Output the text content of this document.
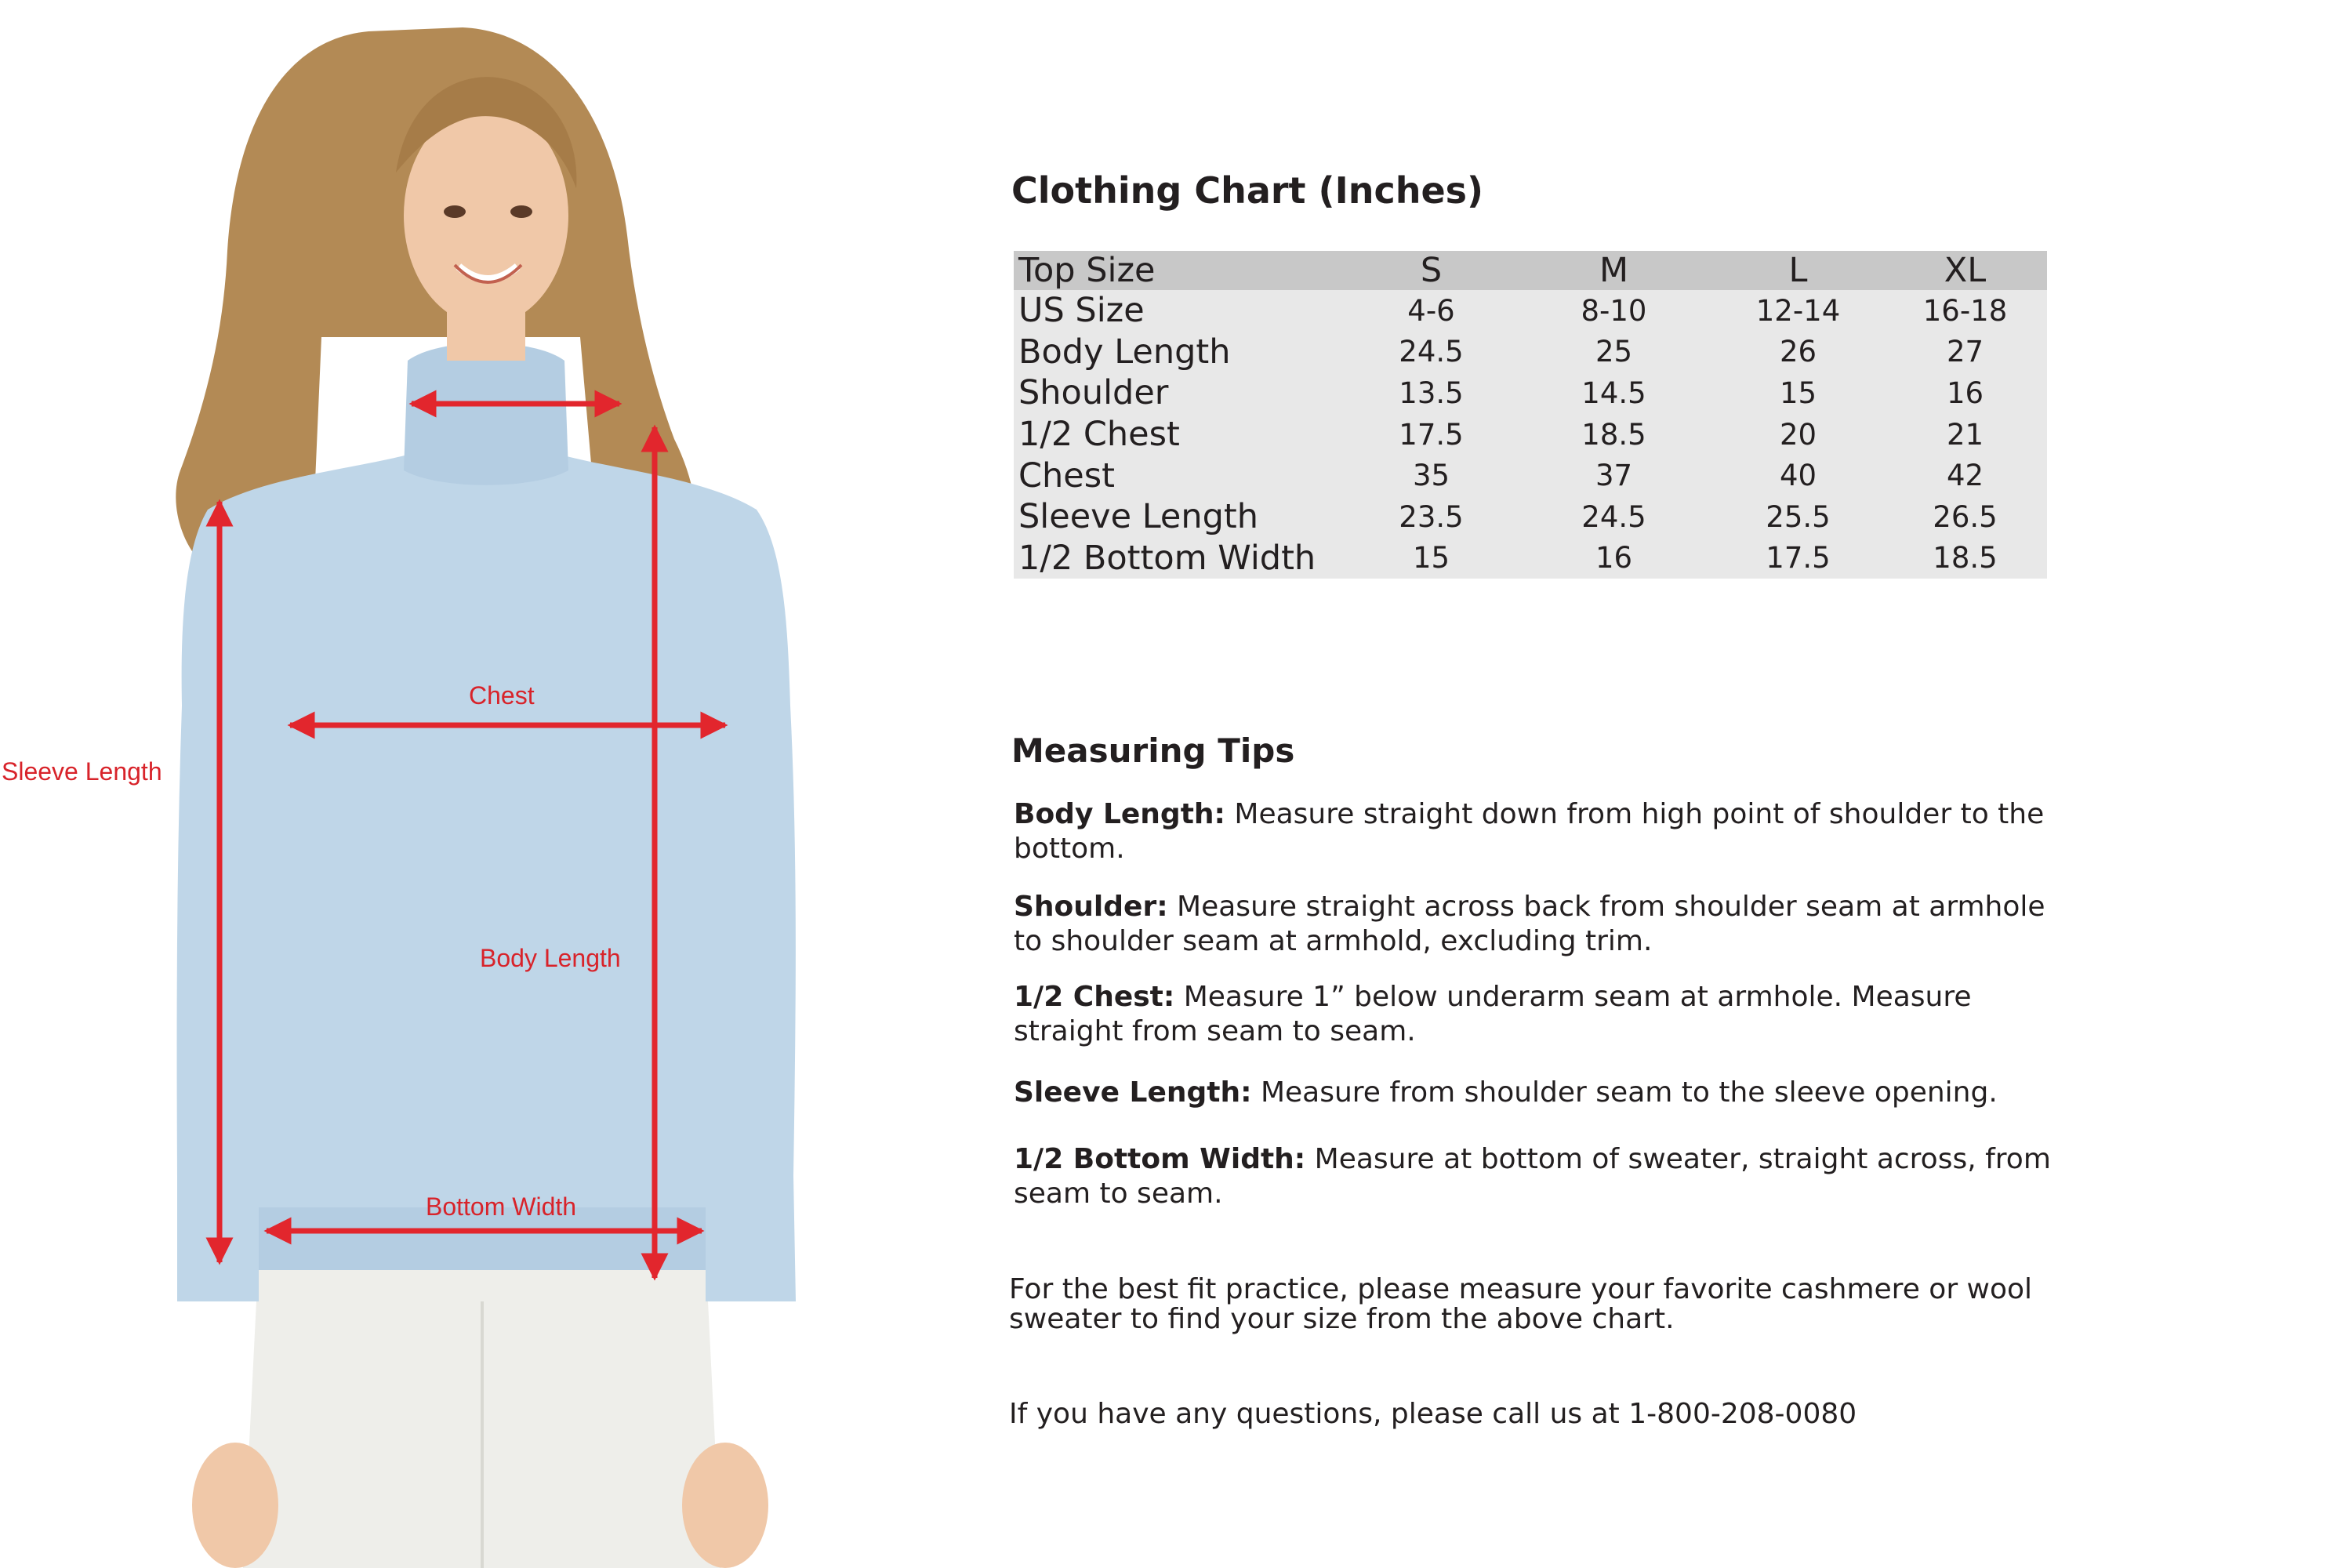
Sleeve Length
Chest
Body Length
Bottom Width
Clothing Chart (Inches)
Top Size	S	M	L	XL
US Size	4-6	8-10	12-14	16-18
Body Length	24.5	25	26	27
Shoulder	13.5	14.5	15	16
1/2 Chest	17.5	18.5	20	21
Chest	35	37	40	42
Sleeve Length	23.5	24.5	25.5	26.5
1/2 Bottom Width	15	16	17.5	18.5
Measuring Tips

Body Length: Measure straight down from high point of shoulder to the bottom.

Shoulder: Measure straight across back from shoulder seam at armhole to shoulder seam at armhold, excluding trim.

1/2 Chest: Measure 1” below underarm seam at armhole. Measure straight from seam to seam.

Sleeve Length: Measure from shoulder seam to the sleeve opening.

1/2 Bottom Width: Measure at bottom of sweater, straight across, from seam to seam.

For the best fit practice, please measure your favorite cashmere or wool sweater to find your size from the above chart.

If you have any questions, please call us at 1-800-208-0080
